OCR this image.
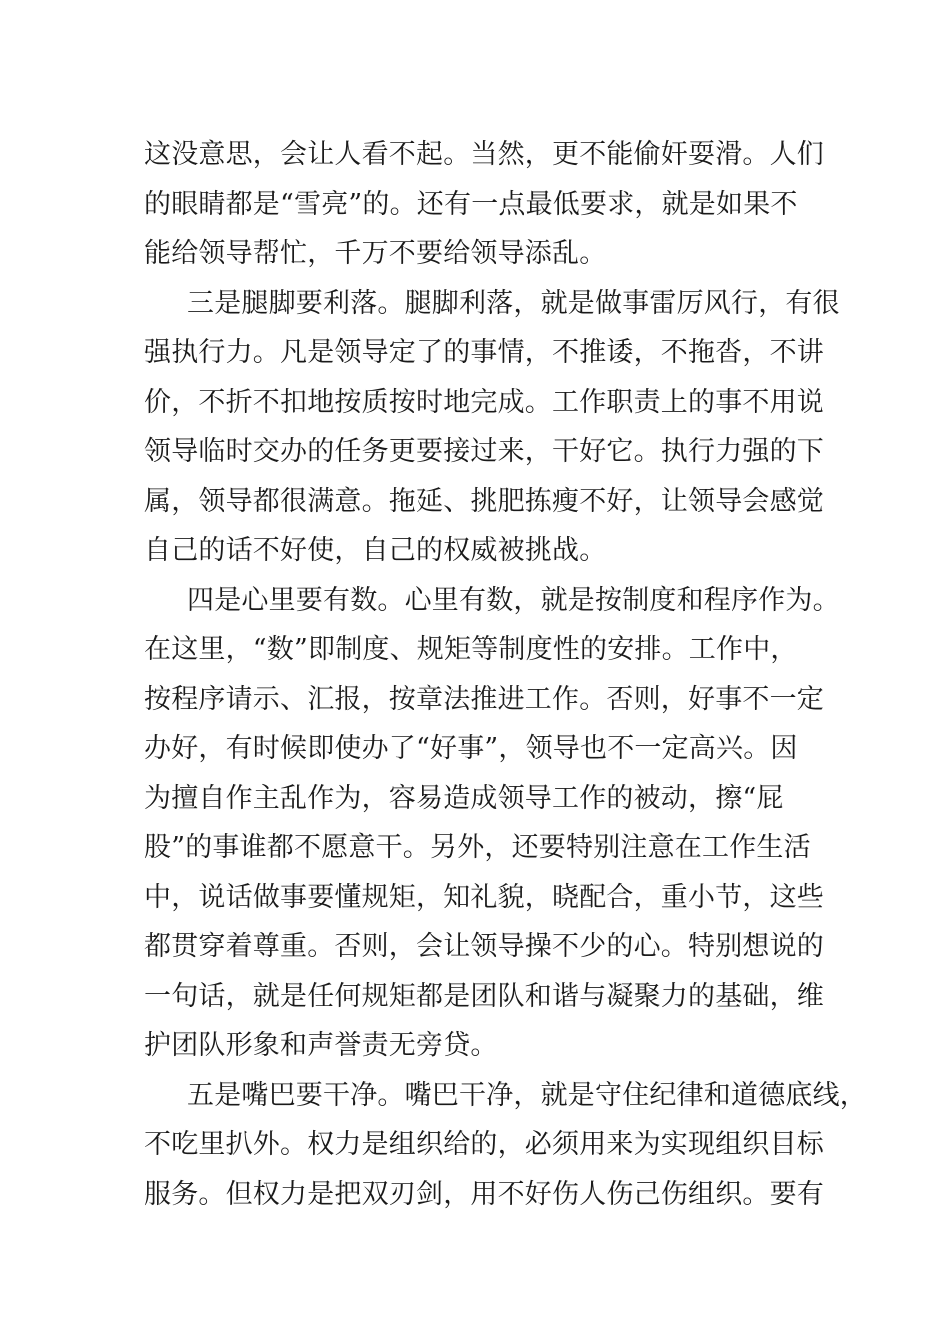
这没意思，会让人看不起。当然，更不能偷奸耍滑。人们
的眼睛都是“雪亮”的。还有一点最低要求，就是如果不
能给领导帮忙，千万不要给领导添乱。
三是腿脚要利落。腿脚利落，就是做事雷厉风行，有很
强执行力。凡是领导定了的事情，不推诿，不拖沓，不讲
价，不折不扣地按质按时地完成。工作职责上的事不用说
领导临时交办的任务更要接过来，干好它。执行力强的下
属，领导都很满意。拖延、挑肥拣瘦不好，让领导会感觉
自己的话不好使，自己的权威被挑战。
四是心里要有数。心里有数，就是按制度和程序作为。
在这里，“数”即制度、规矩等制度性的安排。工作中，
按程序请示、汇报，按章法推进工作。否则，好事不一定
办好，有时候即使办了“好事”，领导也不一定高兴。因
为擅自作主乱作为，容易造成领导工作的被动，擦“屁
股”的事谁都不愿意干。另外，还要特别注意在工作生活
中，说话做事要懂规矩，知礼貌，晓配合，重小节，这些
都贯穿着尊重。否则，会让领导操不少的心。特别想说的
一句话，就是任何规矩都是团队和谐与凝聚力的基础，维
护团队形象和声誉责无旁贷。
五是嘴巴要干净。嘴巴干净，就是守住纪律和道德底线，
不吃里扒外。权力是组织给的，必须用来为实现组织目标
服务。但权力是把双刃剑，用不好伤人伤己伤组织。要有
